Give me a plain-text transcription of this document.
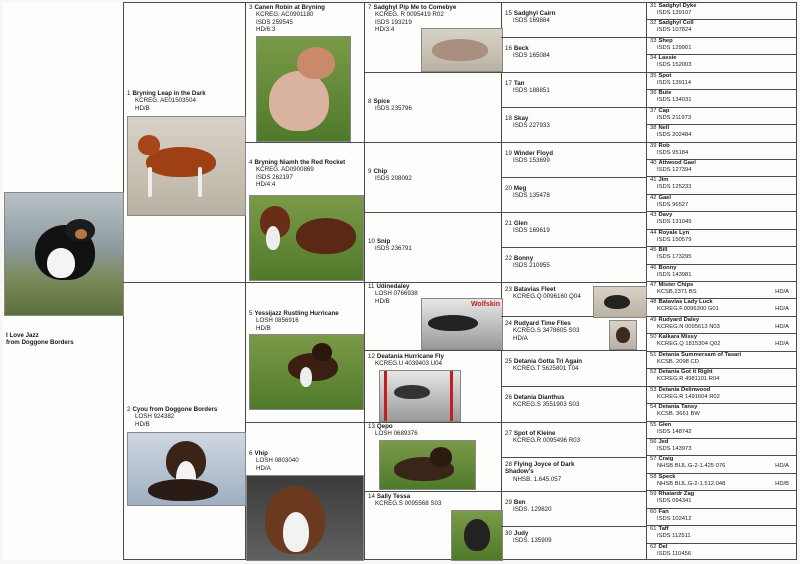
I Love Jazz
from Doggone Borders
1 Bryning Leap in the Dark
KCREG. AE01503504
HD/B
2 Cyou from Doggone Borders
LOSH 924382
HD/B
3 Canen Robin at Bryning
KCREG. AC0901180
ISDS 259545
HD/6:3
4 Bryning Niamh the Red Rocket
KCREG. AD0900869
ISDS 262197
HD/4:4
5 Yessijazz Rustling Hurricane
LOSH 0856916
HD/B
6 Vhip
LOSH 0803040
HD/A
7 Sadghyl Pip Me to Comebye
KCREG. R 0095419 R02
ISDS 193219
HD/3:4
8 Spice
ISDS 235796
9 Chip
ISDS 208092
10 Snip
ISDS 236791
11 Udinedaley
LOSH 0766938
HD/B	Wolfskin
12 Deatania Hurricane Fly
KCREG.U 4039403 U04
13 Qepo
LOSH 0689376
14 Sally Tessa
KCREG.S 0095568 S03
15 Sadghyl Cairn
ISDS 169884
16 Beck
ISDS 165084
17 Tan
ISDS 188851
18 Skay
ISDS 227933
19 Winder Floyd
ISDS 153699
20 Meg
ISDS 135478
21 Glen
ISDS 169619
22 Bonny
ISDS 210955
23 Batavias Fleet
KCREG.Q 0096160 Q04
24 Rudyard Time Flies
KCREG.S 3478605 S03
HD/A
25 Detania Gotta Tri Again
KCREG.T 5625801 T04
26 Detania Dianthus
KCREG.S 3551903 S03
27 Spot of Kleine
KCREG.R 0095496 R03
28 Flying Joyce of Dark Shadow's
NHSB. 1.645.057
29 Ben
ISDS. 129820
30 Judy
ISDS. 135909
31 Sadghyl Dyke
ISDS 139107
32 Sadghyl Coll
ISDS 107824
33 Shep
ISDS 129901
34 Lassie
ISDS 152003
35 Spot
ISDS 139114
36 Bute
ISDS 134031
37 Cap
ISDS 211973
38 Nell
ISDS 202484
39 Rob
ISDS 95184
40 Attwood Gael
ISDS 127394
41 Jim
ISDS 125233
42 Gael
ISDS 96527
43 Davy
ISDS 131049
44 Royale Lyn
ISDS 150579
45 Bill
ISDS 173295
46 Bonny
ISDS 143981
47 Mister Chips
KCSB.2371 BS	HD/A
48 Batavias Lady Luck
KCREG.F.0096300 G01	HD/A
49 Rudyard Daley
KCREG.N 0095613 N03	HD/A
50 Kalkara Missy
KCREG.Q 1815304 Q02	HD/A
51 Detania Summersam of Tasari
KCSB. 2098 CD
52 Detania Got it Right
KCREG.R 4981101 R04
53 Detania Delinwood
KCREG.R 1491604 R02
54 Detania Tansy
KCSB. 3661 BW
55 Glen
ISDS 148742
56 Jed
ISDS 143973
57 Craig
NHSB BIJL.G-2-1.425 076	HD/A
58 Speck
NHSB BIJL.G-2-1.512.048	HD/B
59 Rhaiardr Zag
ISDS 094341
60 Fan
ISDS 102412
61 Taff
ISDS 112511
62 Del
ISDS 110456
